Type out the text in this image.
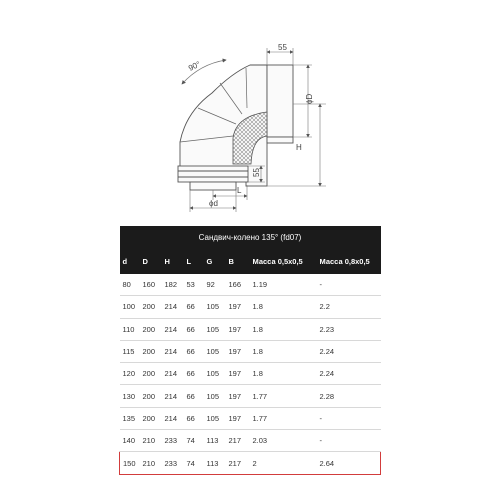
90°
55
ϕD
H
55
L
ϕd
Сандвич-колено 135° (fd07)							
d	D	H	L	G	B	Масса 0,5х0,5	Масса 0,8х0,5
80	160	182	53	92	166	1.19	-
100	200	214	66	105	197	1.8	2.2
110	200	214	66	105	197	1.8	2.23
115	200	214	66	105	197	1.8	2.24
120	200	214	66	105	197	1.8	2.24
130	200	214	66	105	197	1.77	2.28
135	200	214	66	105	197	1.77	-
140	210	233	74	113	217	2.03	-
150	210	233	74	113	217	2	2.64
